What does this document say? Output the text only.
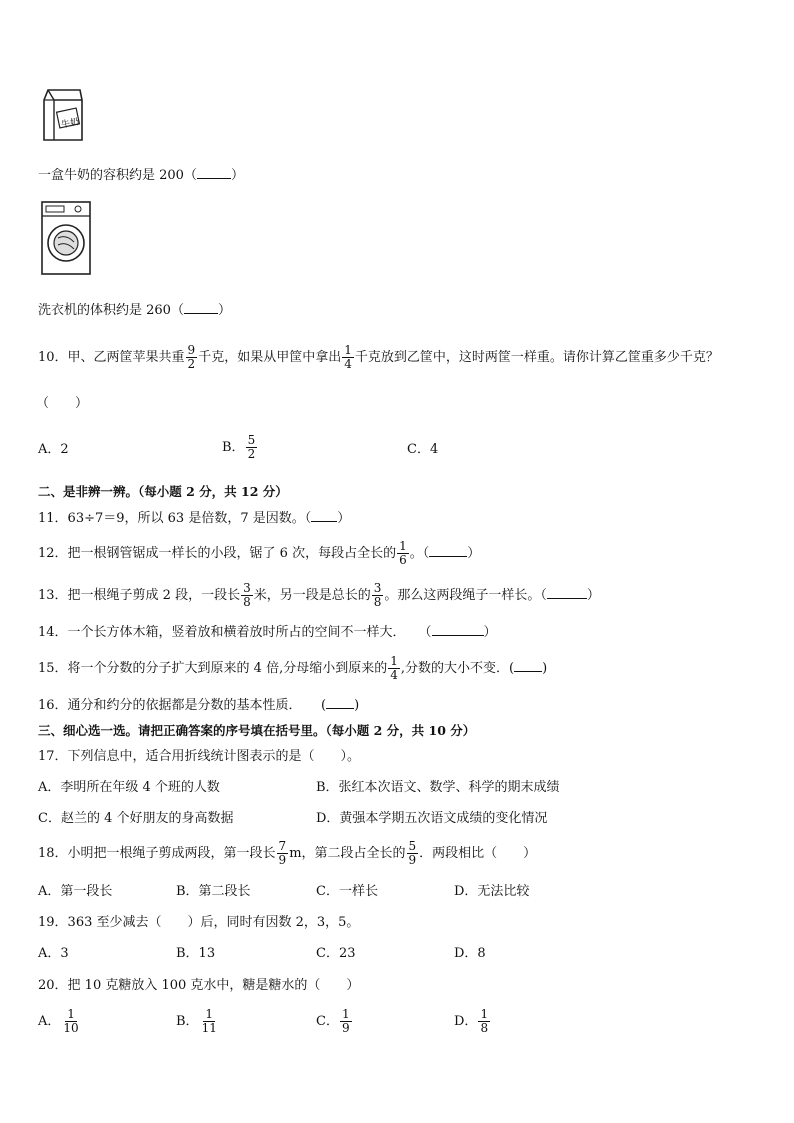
牛奶
一盒牛奶的容积约是 200（	）
洗衣机的体积约是 260（	）
10．甲、乙两筐苹果共重 $\frac{9}{2}$ 千克，如果从甲筐中拿出 $\frac{1}{4}$ 千克放到乙筐中，这时两筐一样重。请你计算乙筐重多少千克？
（　　）
A．2	B． $\frac{5}{2}$	C．4
二、是非辨一辨。（每小题 2 分，共 12 分）
11．63÷7＝9，所以 63 是倍数，7 是因数。（ ）
12．把一根钢管锯成一样长的小段，锯了 6 次，每段占全长的 $\frac{1}{6}$ 。（	）
13．把一根绳子剪成 2 段，一段长 $\frac{3}{8}$ 米，另一段是总长的 $\frac{3}{8}$ 。那么这两段绳子一样长。（	）
14．一个长方体木箱，竖着放和横着放时所占的空间不一样大．　　（	）
15．将一个分数的分子扩大到原来的 4 倍,分母缩小到原来的 $\frac{1}{4}$ ,分数的大小不变．( )
16．通分和约分的依据都是分数的基本性质．　　( )
三、细心选一选。请把正确答案的序号填在括号里。（每小题 2 分，共 10 分）
17．下列信息中，适合用折线统计图表示的是（　　）。
A．李明所在年级 4 个班的人数	B．张红本次语文、数学、科学的期末成绩
C．赵兰的 4 个好朋友的身高数据	D．黄强本学期五次语文成绩的变化情况
18．小明把一根绳子剪成两段，第一段长 $\frac{7}{9}$ m，第二段占全长的 $\frac{5}{9}$ ．两段相比（　　）
A．第一段长	B．第二段长	C．一样长	D．无法比较
19．363 至少减去（　　）后，同时有因数 2，3，5。
A．3	B．13	C．23	D．8
20．把 10 克糖放入 100 克水中，糖是糖水的（　　）
A． $\frac{1}{10}$	B． $\frac{1}{11}$	C． $\frac{1}{9}$	D． $\frac{1}{8}$
